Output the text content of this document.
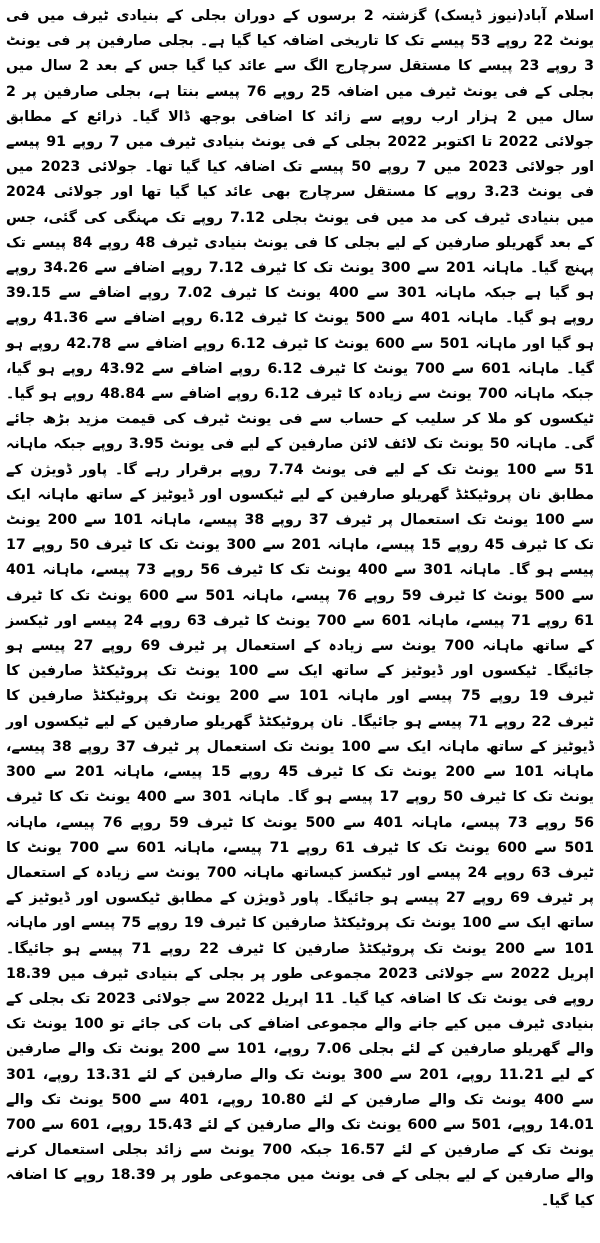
اسلام آباد(نیوز ڈیسک) گزشتہ 2 برسوں کے دوران بجلی کے بنیادی ٹیرف میں فی یونٹ 22 روپے 53 پیسے تک کا تاریخی اضافہ کیا گیا ہے۔ بجلی صارفین پر فی یونٹ 3 روپے 23 پیسے کا مستقل سرچارج الگ سے عائد کیا گیا جس کے بعد 2 سال میں بجلی کے فی یونٹ ٹیرف میں اضافہ 25 روپے 76 پیسے بنتا ہے، بجلی صارفین پر 2 سال میں 2 ہزار ارب روپے سے زائد کا اضافی بوجھ ڈالا گیا۔ ذرائع کے مطابق جولائی 2022 تا اکتوبر 2022 بجلی کے فی یونٹ بنیادی ٹیرف میں 7 روپے 91 پیسے اور جولائی 2023 میں 7 روپے 50 پیسے تک اضافہ کیا گیا تھا۔ جولائی 2023 میں فی یونٹ 3.23 روپے کا مستقل سرچارج بھی عائد کیا گیا تھا اور جولائی 2024 میں بنیادی ٹیرف کی مد میں فی یونٹ بجلی 7.12 روپے تک مہنگی کی گئی، جس کے بعد گھریلو صارفین کے لیے بجلی کا فی یونٹ بنیادی ٹیرف 48 روپے 84 پیسے تک پہنچ گیا۔ ماہانہ 201 سے 300 یونٹ تک کا ٹیرف 7.12 روپے اضافے سے 34.26 روپے ہو گیا ہے جبکہ ماہانہ 301 سے 400 یونٹ کا ٹیرف 7.02 روپے اضافے سے 39.15 روپے ہو گیا۔ ماہانہ 401 سے 500 یونٹ کا ٹیرف 6.12 روپے اضافے سے 41.36 روپے ہو گیا اور ماہانہ 501 سے 600 یونٹ کا ٹیرف 6.12 روپے اضافے سے 42.78 روپے ہو گیا۔ ماہانہ 601 سے 700 یونٹ کا ٹیرف 6.12 روپے اضافے سے 43.92 روپے ہو گیا، جبکہ ماہانہ 700 یونٹ سے زیادہ کا ٹیرف 6.12 روپے اضافے سے 48.84 روپے ہو گیا۔ ٹیکسوں کو ملا کر سلیب کے حساب سے فی یونٹ ٹیرف کی قیمت مزید بڑھ جائے گی۔ ماہانہ 50 یونٹ تک لائف لائن صارفین کے لیے فی یونٹ 3.95 روپے جبکہ ماہانہ 51 سے 100 یونٹ تک کے لیے فی یونٹ 7.74 روپے برقرار رہے گا۔ پاور ڈویژن کے مطابق نان پروٹیکٹڈ گھریلو صارفین کے لیے ٹیکسوں اور ڈیوٹیز کے ساتھ ماہانہ ایک سے 100 یونٹ تک استعمال پر ٹیرف 37 روپے 38 پیسے، ماہانہ 101 سے 200 یونٹ تک کا ٹیرف 45 روپے 15 پیسے، ماہانہ 201 سے 300 یونٹ تک کا ٹیرف 50 روپے 17 پیسے ہو گا۔ ماہانہ 301 سے 400 یونٹ تک کا ٹیرف 56 روپے 73 پیسے، ماہانہ 401 سے 500 یونٹ کا ٹیرف 59 روپے 76 پیسے، ماہانہ 501 سے 600 یونٹ تک کا ٹیرف 61 روپے 71 پیسے، ماہانہ 601 سے 700 یونٹ کا ٹیرف 63 روپے 24 پیسے اور ٹیکسز کے ساتھ ماہانہ 700 یونٹ سے زیادہ کے استعمال پر ٹیرف 69 روپے 27 پیسے ہو جائیگا۔ ٹیکسوں اور ڈیوٹیز کے ساتھ ایک سے 100 یونٹ تک پروٹیکٹڈ صارفین کا ٹیرف 19 روپے 75 پیسے اور ماہانہ 101 سے 200 یونٹ تک پروٹیکٹڈ صارفین کا ٹیرف 22 روپے 71 پیسے ہو جائیگا۔ نان پروٹیکٹڈ گھریلو صارفین کے لیے ٹیکسوں اور ڈیوٹیز کے ساتھ ماہانہ ایک سے 100 یونٹ تک استعمال پر ٹیرف 37 روپے 38 پیسے، ماہانہ 101 سے 200 یونٹ تک کا ٹیرف 45 روپے 15 پیسے، ماہانہ 201 سے 300 یونٹ تک کا ٹیرف 50 روپے 17 پیسے ہو گا۔ ماہانہ 301 سے 400 یونٹ تک کا ٹیرف 56 روپے 73 پیسے، ماہانہ 401 سے 500 یونٹ کا ٹیرف 59 روپے 76 پیسے، ماہانہ 501 سے 600 یونٹ تک کا ٹیرف 61 روپے 71 پیسے، ماہانہ 601 سے 700 یونٹ کا ٹیرف 63 روپے 24 پیسے اور ٹیکسز کیساتھ ماہانہ 700 یونٹ سے زیادہ کے استعمال پر ٹیرف 69 روپے 27 پیسے ہو جائیگا۔ پاور ڈویژن کے مطابق ٹیکسوں اور ڈیوٹیز کے ساتھ ایک سے 100 یونٹ تک پروٹیکٹڈ صارفین کا ٹیرف 19 روپے 75 پیسے اور ماہانہ 101 سے 200 یونٹ تک پروٹیکٹڈ صارفین کا ٹیرف 22 روپے 71 پیسے ہو جائیگا۔ اپریل 2022 سے جولائی 2023 مجموعی طور پر بجلی کے بنیادی ٹیرف میں 18.39 روپے فی یونٹ تک کا اضافہ کیا گیا۔ 11 اپریل 2022 سے جولائی 2023 تک بجلی کے بنیادی ٹیرف میں کیے جانے والے مجموعی اضافے کی بات کی جائے تو 100 یونٹ تک والے گھریلو صارفین کے لئے بجلی 7.06 روپے، 101 سے 200 یونٹ تک والے صارفین کے لیے 11.21 روپے، 201 سے 300 یونٹ تک والے صارفین کے لئے 13.31 روپے، 301 سے 400 یونٹ تک والے صارفین کے لئے 10.80 روپے، 401 سے 500 یونٹ تک والے 14.01 روپے، 501 سے 600 یونٹ تک والے صارفین کے لئے 15.43 روپے، 601 سے 700 یونٹ تک کے صارفین کے لئے 16.57 جبکہ 700 یونٹ سے زائد بجلی استعمال کرنے والے صارفین کے لیے بجلی کے فی یونٹ میں مجموعی طور پر 18.39 روپے کا اضافہ کیا گیا۔
